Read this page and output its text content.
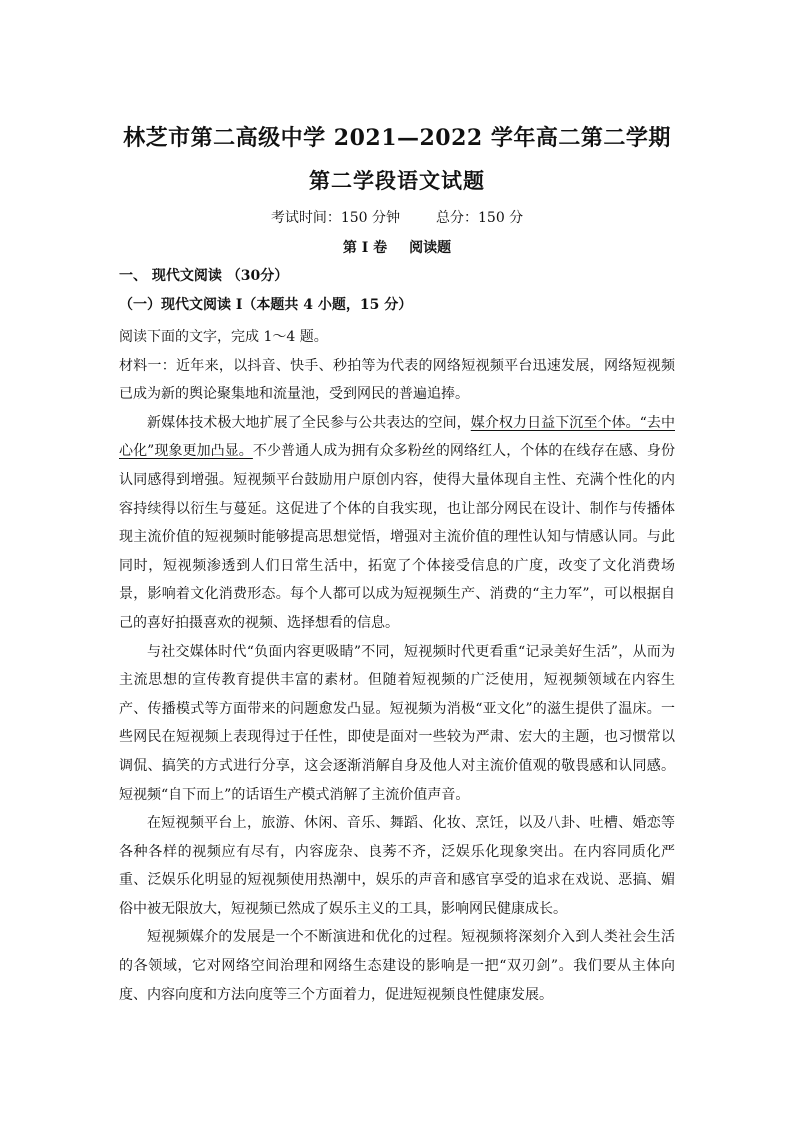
林芝市第二高级中学 2021—2022 学年高二第二学期
第二学段语文试题
考试时间：150 分钟	总分：150 分
第 I 卷 阅读题
一、 现代文阅读 （30分）
（一）现代文阅读 I（本题共 4 小题，15 分）

阅读下面的文字，完成 1～4 题。

材料一：近年来，以抖音、快手、秒拍等为代表的网络短视频平台迅速发展，网络短视频已成为新的舆论聚集地和流量池，受到网民的普遍追捧。

新媒体技术极大地扩展了全民参与公共表达的空间，媒介权力日益下沉至个体。“去中心化”现象更加凸显。不少普通人成为拥有众多粉丝的网络红人，个体的在线存在感、身份认同感得到增强。短视频平台鼓励用户原创内容，使得大量体现自主性、充满个性化的内容持续得以衍生与蔓延。这促进了个体的自我实现，也让部分网民在设计、制作与传播体现主流价值的短视频时能够提高思想觉悟，增强对主流价值的理性认知与情感认同。与此同时，短视频渗透到人们日常生活中，拓宽了个体接受信息的广度，改变了文化消费场景，影响着文化消费形态。每个人都可以成为短视频生产、消费的“主力军”，可以根据自己的喜好拍摄喜欢的视频、选择想看的信息。

与社交媒体时代“负面内容更吸睛”不同，短视频时代更看重“记录美好生活”，从而为主流思想的宣传教育提供丰富的素材。但随着短视频的广泛使用，短视频领域在内容生产、传播模式等方面带来的问题愈发凸显。短视频为消极“亚文化”的滋生提供了温床。一些网民在短视频上表现得过于任性，即使是面对一些较为严肃、宏大的主题，也习惯常以调侃、搞笑的方式进行分享，这会逐渐消解自身及他人对主流价值观的敬畏感和认同感。短视频“自下而上”的话语生产模式消解了主流价值声音。

在短视频平台上，旅游、休闲、音乐、舞蹈、化妆、烹饪，以及八卦、吐槽、婚恋等各种各样的视频应有尽有，内容庞杂、良莠不齐，泛娱乐化现象突出。在内容同质化严重、泛娱乐化明显的短视频使用热潮中，娱乐的声音和感官享受的追求在戏说、恶搞、媚俗中被无限放大，短视频已然成了娱乐主义的工具，影响网民健康成长。

短视频媒介的发展是一个不断演进和优化的过程。短视频将深刻介入到人类社会生活的各领域，它对网络空间治理和网络生态建设的影响是一把“双刃剑”。我们要从主体向度、内容向度和方法向度等三个方面着力，促进短视频良性健康发展。
